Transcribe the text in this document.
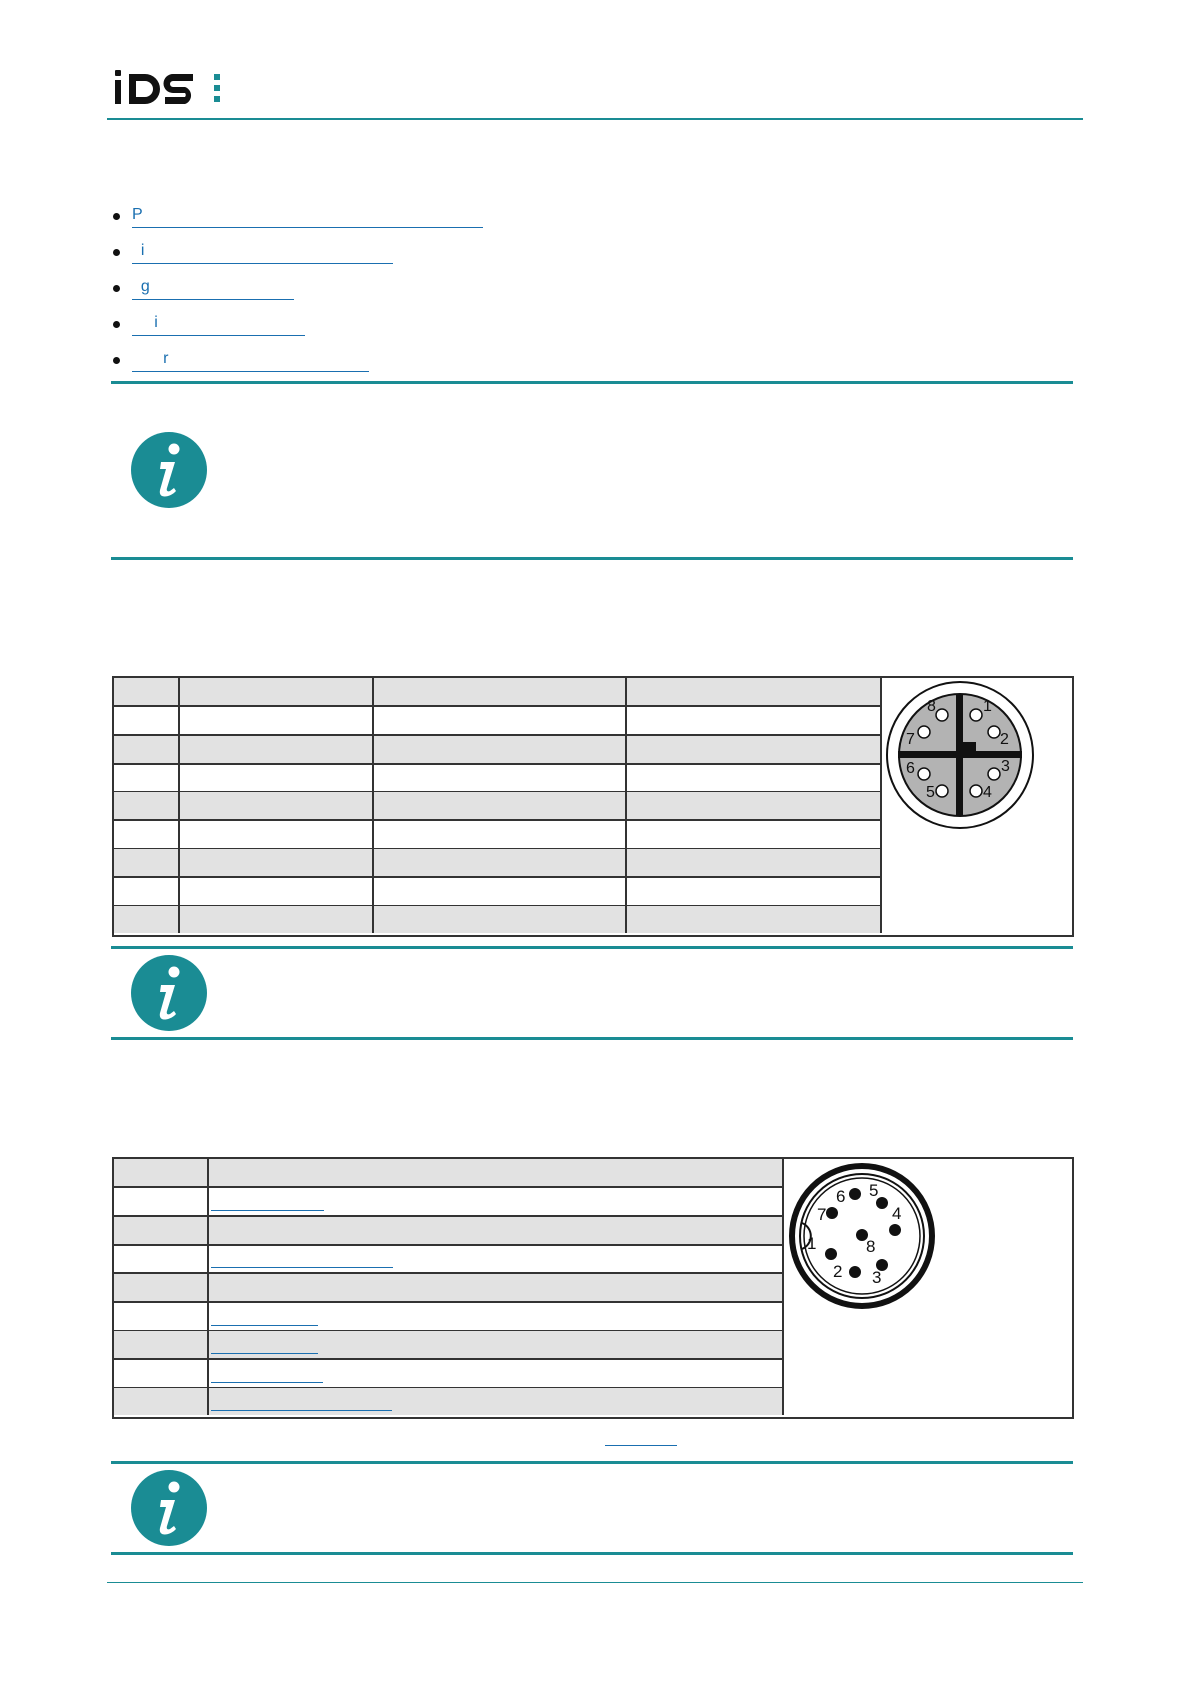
P
i
g
i
r
8	1
7	2
6	3
5	4
6 5
7	4
8
1
2 3
